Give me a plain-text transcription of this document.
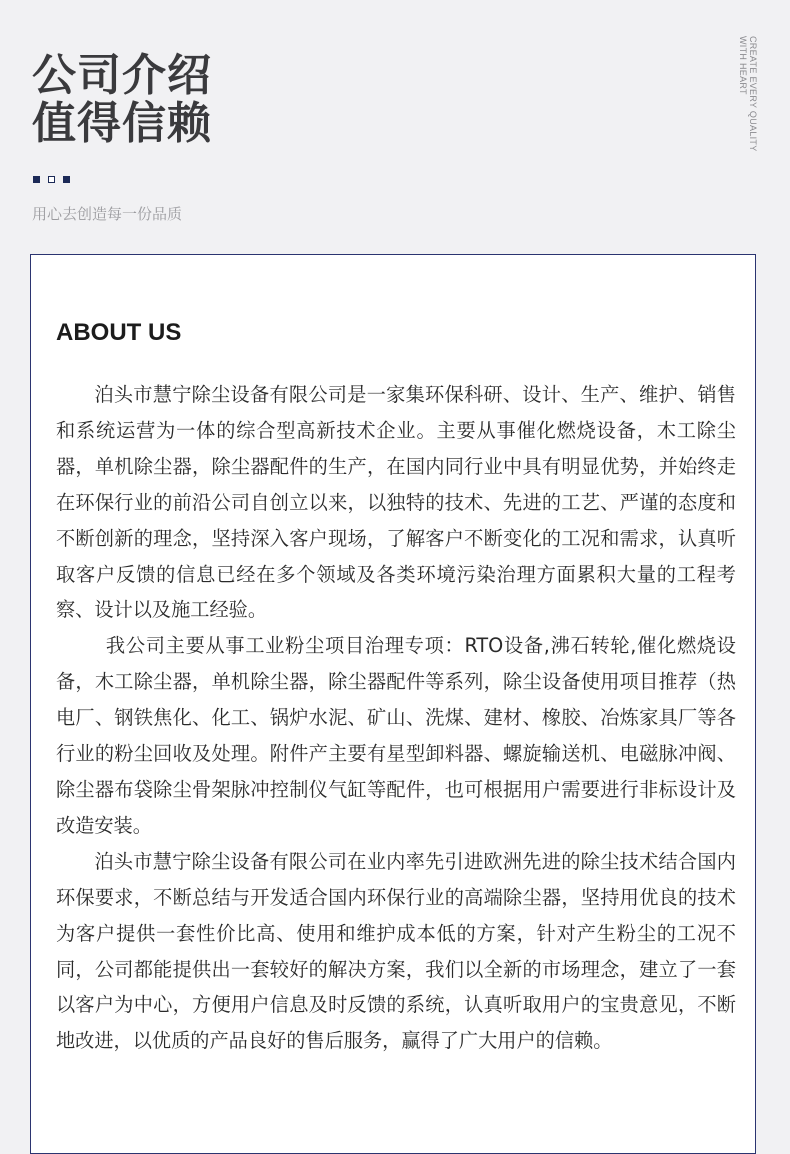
公司介绍
值得信赖	CREATE EVERY QUALITY
WITH HEART
用心去创造每一份品质
ABOUT US

泊头市慧宁除尘设备有限公司是一家集环保科研、设计、生产、维护、销售和系统运营为一体的综合型高新技术企业。主要从事催化燃烧设备，木工除尘器，单机除尘器，除尘器配件的生产，在国内同行业中具有明显优势，并始终走在环保行业的前沿公司自创立以来，以独特的技术、先进的工艺、严谨的态度和不断创新的理念，坚持深入客户现场，了解客户不断变化的工况和需求，认真听取客户反馈的信息已经在多个领域及各类环境污染治理方面累积大量的工程考察、设计以及施工经验。

我公司主要从事工业粉尘项目治理专项：RTO设备,沸石转轮,催化燃烧设备，木工除尘器，单机除尘器，除尘器配件等系列，除尘设备使用项目推荐（热电厂、钢铁焦化、化工、锅炉水泥、矿山、洗煤、建材、橡胶、冶炼家具厂等各行业的粉尘回收及处理。附件产主要有星型卸料器、螺旋输送机、电磁脉冲阀、除尘器布袋除尘骨架脉冲控制仪气缸等配件，也可根据用户需要进行非标设计及改造安装。

泊头市慧宁除尘设备有限公司在业内率先引进欧洲先进的除尘技术结合国内环保要求，不断总结与开发适合国内环保行业的高端除尘器，坚持用优良的技术为客户提供一套性价比高、使用和维护成本低的方案，针对产生粉尘的工况不同，公司都能提供出一套较好的解决方案，我们以全新的市场理念，建立了一套以客户为中心，方便用户信息及时反馈的系统，认真听取用户的宝贵意见，不断地改进，以优质的产品良好的售后服务，赢得了广大用户的信赖。
